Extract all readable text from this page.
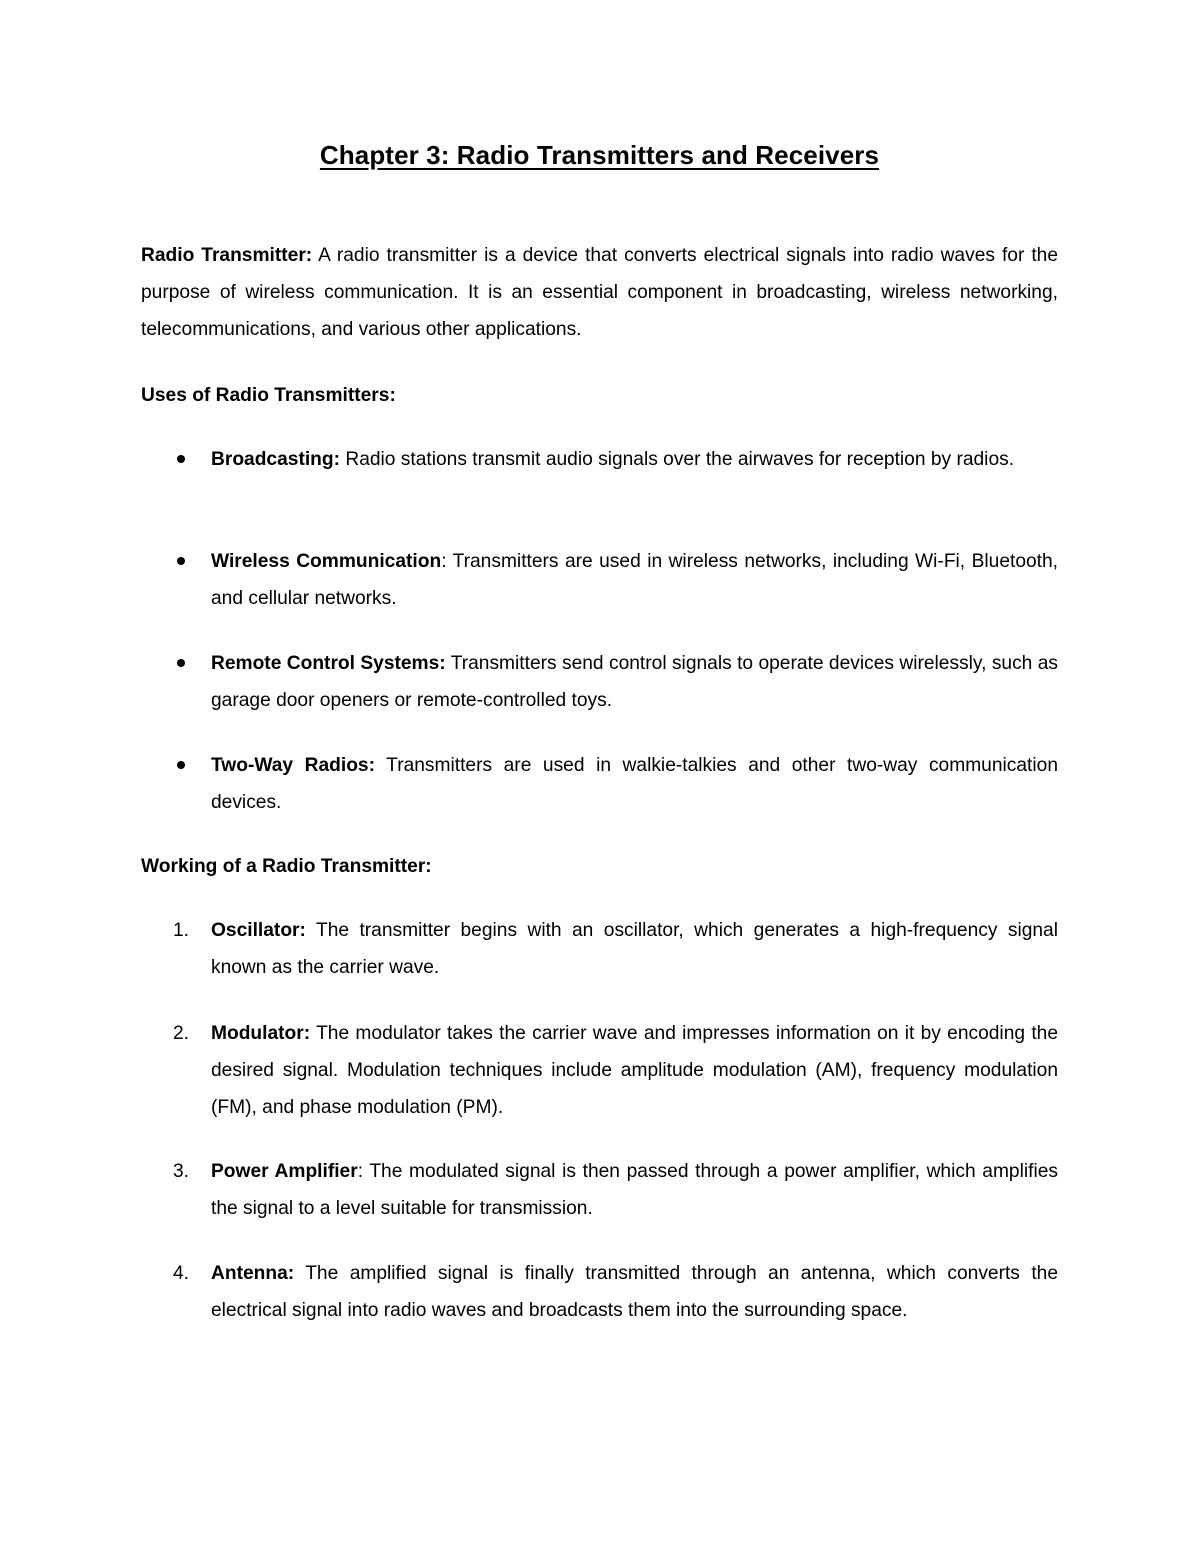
Chapter 3: Radio Transmitters and Receivers

Radio Transmitter: A radio transmitter is a device that converts electrical signals into radio waves for the purpose of wireless communication. It is an essential component in broadcasting, wireless networking, telecommunications, and various other applications.

Uses of Radio Transmitters:

Broadcasting: Radio stations transmit audio signals over the airwaves for reception by radios.

Wireless Communication: Transmitters are used in wireless networks, including Wi-Fi, Bluetooth, and cellular networks.

Remote Control Systems: Transmitters send control signals to operate devices wirelessly, such as garage door openers or remote-controlled toys.

Two-Way Radios: Transmitters are used in walkie-talkies and other two-way communication devices.

Working of a Radio Transmitter:

1. Oscillator: The transmitter begins with an oscillator, which generates a high-frequency signal known as the carrier wave.

2. Modulator: The modulator takes the carrier wave and impresses information on it by encoding the desired signal. Modulation techniques include amplitude modulation (AM), frequency modulation (FM), and phase modulation (PM).

3. Power Amplifier: The modulated signal is then passed through a power amplifier, which amplifies the signal to a level suitable for transmission.

4. Antenna: The amplified signal is finally transmitted through an antenna, which converts the electrical signal into radio waves and broadcasts them into the surrounding space.
